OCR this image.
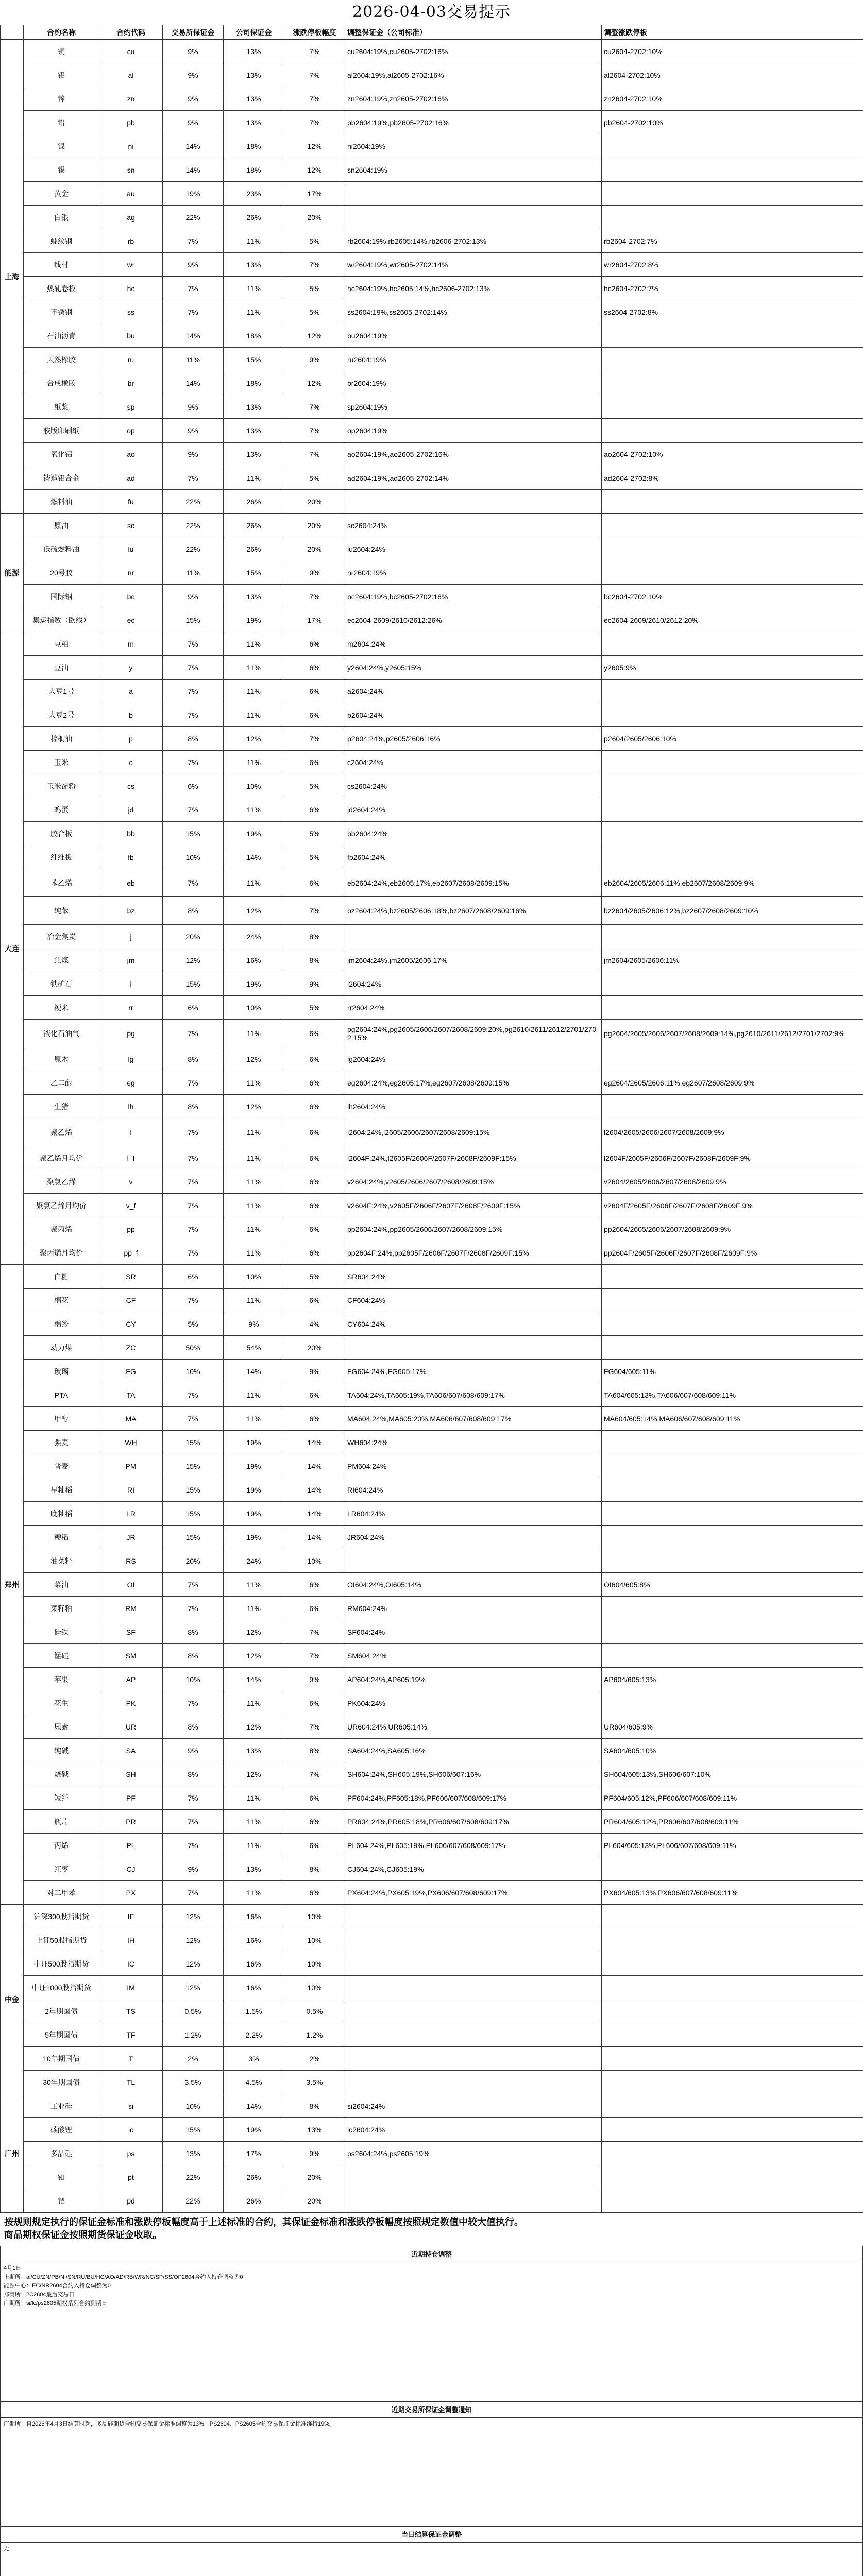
2026-04-03交易提示
	合约名称	合约代码	交易所保证金	公司保证金	涨跌停板幅度	调整保证金（公司标准）	调整涨跌停板
上海	铜	cu	9%	13%	7%	cu2604:19%,cu2605-2702:16%	cu2604-2702:10%
	铝	al	9%	13%	7%	al2604:19%,al2605-2702:16%	al2604-2702:10%
	锌	zn	9%	13%	7%	zn2604:19%,zn2605-2702:16%	zn2604-2702:10%
	铅	pb	9%	13%	7%	pb2604:19%,pb2605-2702:16%	pb2604-2702:10%
	镍	ni	14%	18%	12%	ni2604:19%	
	锡	sn	14%	18%	12%	sn2604:19%	
	黄金	au	19%	23%	17%		
	白银	ag	22%	26%	20%		
	螺纹钢	rb	7%	11%	5%	rb2604:19%,rb2605:14%,rb2606-2702:13%	rb2604-2702:7%
	线材	wr	9%	13%	7%	wr2604:19%,wr2605-2702:14%	wr2604-2702:8%
	热轧卷板	hc	7%	11%	5%	hc2604:19%,hc2605:14%,hc2606-2702:13%	hc2604-2702:7%
	不锈钢	ss	7%	11%	5%	ss2604:19%,ss2605-2702:14%	ss2604-2702:8%
	石油沥青	bu	14%	18%	12%	bu2604:19%	
	天然橡胶	ru	11%	15%	9%	ru2604:19%	
	合成橡胶	br	14%	18%	12%	br2604:19%	
	纸浆	sp	9%	13%	7%	sp2604:19%	
	胶版印刷纸	op	9%	13%	7%	op2604:19%	
	氧化铝	ao	9%	13%	7%	ao2604:19%,ao2605-2702:16%	ao2604-2702:10%
	铸造铝合金	ad	7%	11%	5%	ad2604:19%,ad2605-2702:14%	ad2604-2702:8%
	燃料油	fu	22%	26%	20%		
能源	原油	sc	22%	26%	20%	sc2604:24%	
	低硫燃料油	lu	22%	26%	20%	lu2604:24%	
	20号胶	nr	11%	15%	9%	nr2604:19%	
	国际铜	bc	9%	13%	7%	bc2604:19%,bc2605-2702:16%	bc2604-2702:10%
	集运指数（欧线）	ec	15%	19%	17%	ec2604-2609/2610/2612:26%	ec2604-2609/2610/2612:20%
大连	豆粕	m	7%	11%	6%	m2604:24%	
	豆油	y	7%	11%	6%	y2604:24%,y2605:15%	y2605:9%
	大豆1号	a	7%	11%	6%	a2604:24%	
	大豆2号	b	7%	11%	6%	b2604:24%	
	棕榈油	p	8%	12%	7%	p2604:24%,p2605/2606:16%	p2604/2605/2606:10%
	玉米	c	7%	11%	6%	c2604:24%	
	玉米淀粉	cs	6%	10%	5%	cs2604:24%	
	鸡蛋	jd	7%	11%	6%	jd2604:24%	
	胶合板	bb	15%	19%	5%	bb2604:24%	
	纤维板	fb	10%	14%	5%	fb2604:24%	
	苯乙烯	eb	7%	11%	6%	eb2604:24%,eb2605:17%,eb2607/2608/2609:15%	eb2604/2605/2606:11%,eb2607/2608/2609:9%
	纯苯	bz	8%	12%	7%	bz2604:24%,bz2605/2606:18%,bz2607/2608/2609:16%	bz2604/2605/2606:12%,bz2607/2608/2609:10%
	冶金焦炭	j	20%	24%	8%		
	焦煤	jm	12%	16%	8%	jm2604:24%,jm2605/2606:17%	jm2604/2605/2606:11%
	铁矿石	i	15%	19%	9%	i2604:24%	
	粳米	rr	6%	10%	5%	rr2604:24%	
	液化石油气	pg	7%	11%	6%	pg2604:24%,pg2605/2606/2607/2608/2609:20%,pg2610/2611/2612/2701/2702:15%	pg2604/2605/2606/2607/2608/2609:14%,pg2610/2611/2612/2701/2702:9%
	原木	lg	8%	12%	6%	lg2604:24%	
	乙二醇	eg	7%	11%	6%	eg2604:24%,eg2605:17%,eg2607/2608/2609:15%	eg2604/2605/2606:11%,eg2607/2608/2609:9%
	生猪	lh	8%	12%	6%	lh2604:24%	
	聚乙烯	l	7%	11%	6%	l2604:24%,l2605/2606/2607/2608/2609:15%	l2604/2605/2606/2607/2608/2609:9%
	聚乙烯月均价	l_f	7%	11%	6%	l2604F:24%,l2605F/2606F/2607F/2608F/2609F:15%	l2604F/2605F/2606F/2607F/2608F/2609F:9%
	聚氯乙烯	v	7%	11%	6%	v2604:24%,v2605/2606/2607/2608/2609:15%	v2604/2605/2606/2607/2608/2609:9%
	聚氯乙烯月均价	v_f	7%	11%	6%	v2604F:24%,v2605F/2606F/2607F/2608F/2609F:15%	v2604F/2605F/2606F/2607F/2608F/2609F:9%
	聚丙烯	pp	7%	11%	6%	pp2604:24%,pp2605/2606/2607/2608/2609:15%	pp2604/2605/2606/2607/2608/2609:9%
	聚丙烯月均价	pp_f	7%	11%	6%	pp2604F:24%,pp2605F/2606F/2607F/2608F/2609F:15%	pp2604F/2605F/2606F/2607F/2608F/2609F:9%
郑州	白糖	SR	6%	10%	5%	SR604:24%	
	棉花	CF	7%	11%	6%	CF604:24%	
	棉纱	CY	5%	9%	4%	CY604:24%	
	动力煤	ZC	50%	54%	20%		
	玻璃	FG	10%	14%	9%	FG604:24%,FG605:17%	FG604/605:11%
	PTA	TA	7%	11%	6%	TA604:24%,TA605:19%,TA606/607/608/609:17%	TA604/605:13%,TA606/607/608/609:11%
	甲醇	MA	7%	11%	6%	MA604:24%,MA605:20%,MA606/607/608/609:17%	MA604/605:14%,MA606/607/608/609:11%
	强麦	WH	15%	19%	14%	WH604:24%	
	普麦	PM	15%	19%	14%	PM604:24%	
	早籼稻	RI	15%	19%	14%	RI604:24%	
	晚籼稻	LR	15%	19%	14%	LR604:24%	
	粳稻	JR	15%	19%	14%	JR604:24%	
	油菜籽	RS	20%	24%	10%		
	菜油	OI	7%	11%	6%	OI604:24%,OI605:14%	OI604/605:8%
	菜籽粕	RM	7%	11%	6%	RM604:24%	
	硅铁	SF	8%	12%	7%	SF604:24%	
	锰硅	SM	8%	12%	7%	SM604:24%	
	苹果	AP	10%	14%	9%	AP604:24%,AP605:19%	AP604/605:13%
	花生	PK	7%	11%	6%	PK604:24%	
	尿素	UR	8%	12%	7%	UR604:24%,UR605:14%	UR604/605:9%
	纯碱	SA	9%	13%	8%	SA604:24%,SA605:16%	SA604/605:10%
	烧碱	SH	8%	12%	7%	SH604:24%,SH605:19%,SH606/607:16%	SH604/605:13%,SH606/607:10%
	短纤	PF	7%	11%	6%	PF604:24%,PF605:18%,PF606/607/608/609:17%	PF604/605:12%,PF606/607/608/609:11%
	瓶片	PR	7%	11%	6%	PR604:24%,PR605:18%,PR606/607/608/609:17%	PR604/605:12%,PR606/607/608/609:11%
	丙烯	PL	7%	11%	6%	PL604:24%,PL605:19%,PL606/607/608/609:17%	PL604/605:13%,PL606/607/608/609:11%
	红枣	CJ	9%	13%	8%	CJ604:24%,CJ605:19%	
	对二甲苯	PX	7%	11%	6%	PX604:24%,PX605:19%,PX606/607/608/609:17%	PX604/605:13%,PX606/607/608/609:11%
中金	沪深300股指期货	IF	12%	16%	10%		
	上证50股指期货	IH	12%	16%	10%		
	中证500股指期货	IC	12%	16%	10%		
	中证1000股指期货	IM	12%	16%	10%		
	2年期国债	TS	0.5%	1.5%	0.5%		
	5年期国债	TF	1.2%	2.2%	1.2%		
	10年期国债	T	2%	3%	2%		
	30年期国债	TL	3.5%	4.5%	3.5%		
广州	工业硅	si	10%	14%	8%	si2604:24%	
	碳酸锂	lc	15%	19%	13%	lc2604:24%	
	多晶硅	ps	13%	17%	9%	ps2604:24%,ps2605:19%	
	铂	pt	22%	26%	20%		
	钯	pd	22%	26%	20%		
按规则规定执行的保证金标准和涨跌停板幅度高于上述标准的合约，其保证金标准和涨跌停板幅度按照规定数值中较大值执行。
商品期权保证金按照期货保证金收取。
近期持仓调整
4月1日
上期所：al/CU/ZN/PB/NI/SN/RU/BU/HC/AO/AD/RB/WR/NC/SP/SS/OP2604合约入持仓调整为0
能源中心：EC/NR2604合约入持仓调整为0
郑商所：2C2604最后交易日
广期所：si/lc/ps2605期权系列合约到期日
近期交易所保证金调整通知
广期所：自2026年4月3日结算时起，多晶硅期货合约交易保证金标准调整为13%，PS2604、PS2605合约交易保证金标准维持19%。
当日结算保证金调整
无
